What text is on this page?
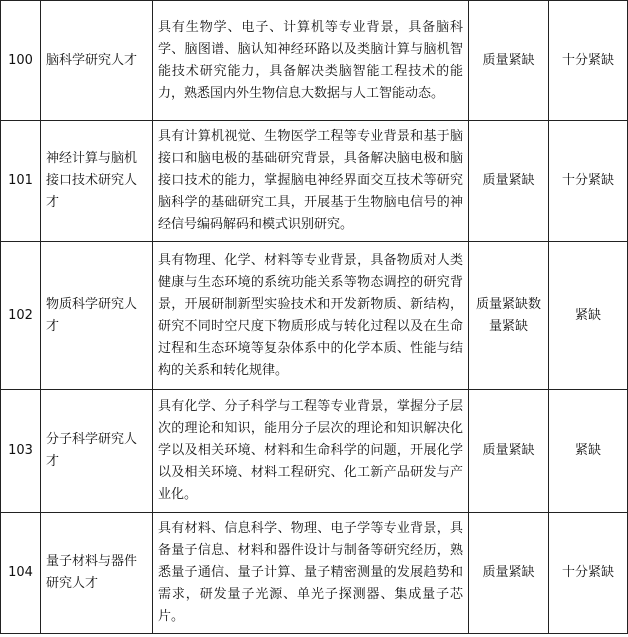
100	脑科学研究人才	具有生物学、电子、计算机等专业背景，具备脑科学、脑图谱、脑认知神经环路以及类脑计算与脑机智能技术研究能力，具备解决类脑智能工程技术的能力，熟悉国内外生物信息大数据与人工智能动态。	质量紧缺	十分紧缺
101	神经计算与脑机接口技术研究人才	具有计算机视觉、生物医学工程等专业背景和基于脑接口和脑电极的基础研究背景，具备解决脑电极和脑接口技术的能力，掌握脑电神经界面交互技术等研究脑科学的基础研究工具，开展基于生物脑电信号的神经信号编码解码和模式识别研究。	质量紧缺	十分紧缺
102	物质科学研究人才	具有物理、化学、材料等专业背景，具备物质对人类健康与生态环境的系统功能关系等物态调控的研究背景，开展研制新型实验技术和开发新物质、新结构，研究不同时空尺度下物质形成与转化过程以及在生命过程和生态环境等复杂体系中的化学本质、性能与结构的关系和转化规律。	质量紧缺数量紧缺	紧缺
103	分子科学研究人才	具有化学、分子科学与工程等专业背景，掌握分子层次的理论和知识，能用分子层次的理论和知识解决化学以及相关环境、材料和生命科学的问题，开展化学以及相关环境、材料工程研究、化工新产品研发与产业化。	质量紧缺	紧缺
104	量子材料与器件研究人才	具有材料、信息科学、物理、电子学等专业背景，具备量子信息、材料和器件设计与制备等研究经历，熟悉量子通信、量子计算、量子精密测量的发展趋势和需求，研发量子光源、单光子探测器、集成量子芯片。	质量紧缺	十分紧缺
